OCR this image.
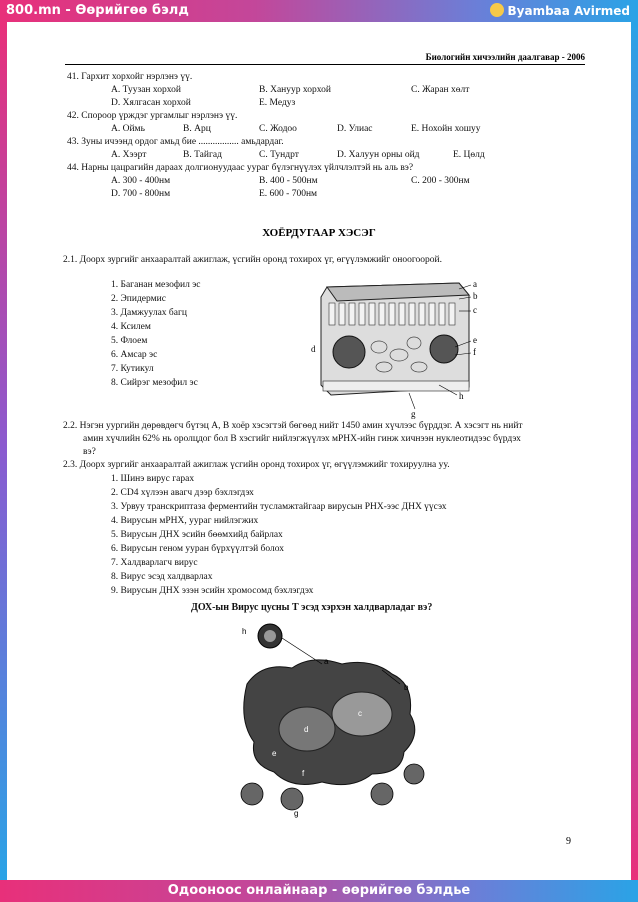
800.mn - Өөрийгөө бэлд	Byambaa Avirmed
Биологийн хичээлийн даалгавар - 2006
41. Гархит хорхойг нэрлэнэ үү.
А. Туузан хорхой	В. Хануур хорхой	С. Жаран хөлт
D. Хялгасан хорхой	Е. Медуз
42. Спороор үрждэг ургамлыг нэрлэнэ үү.
А. Оймь	В. Арц	С. Жодоо	D. Улиас	Е. Нохойн хошуу
43. Зуны ичээнд ордог амьд бие ................. амьдардаг.
А. Хээрт	В. Тайгад	С. Тундрт	D. Халуун орны ойд	Е. Цөлд
44. Нарны цацрагийн дараах долгионуудаас уураг бүлэгнүүлэх үйлчлэлтэй нь аль вэ?
А. 300 - 400нм	В. 400 - 500нм	С. 200 - 300нм
D. 700 - 800нм	Е. 600 - 700нм
ХОЁРДУГААР ХЭСЭГ
2.1. Доорх зургийг анхааралтай ажиглаж, үсгийн оронд тохирох үг, өгүүлэмжийг оноогоорой.
1. Баганан мезофил эс
2. Эпидермис
3. Дамжуулах багц
4. Ксилем
5. Флоем
6. Амсар эс
7. Кутикул
8. Сийрэг мезофил эс
a
b
c
d
e
f
h
g
2.2. Нэгэн уургийн дөрөвдөгч бүтэц А, В хоёр хэсэгтэй бөгөөд нийт 1450 амин хүчлээс бүрддэг. А хэсэгт нь нийт
амин хүчлийн 62% нь оролцдог бол В хэсгийг нийлэгжүүлэх мРНХ-ийн гинж хичнээн нуклеотидээс бүрдэх
вэ?
2.3. Доорх зургийг анхааралтай ажиглаж үсгийн оронд тохирох үг, өгүүлэмжийг тохируулна уу.
1. Шинэ вирус гарах
2. CD4 хүлээн авагч дээр бэхлэгдэх
3. Урвуу транскриптаза ферментийн тусламжтайгаар вирусын РНХ-ээс ДНХ үүсэх
4. Вирусын мРНХ, уураг нийлэгжих
5. Вирусын ДНХ эсийн бөөмхийд байрлах
6. Вирусын геном ууран бүрхүүлтэй болох
7. Халдварлагч вирус
8. Вирус эсэд халдварлах
9. Вирусын ДНХ эзэн эсийн хромосомд бэхлэгдэх
ДОХ-ын Вирус цусны Т эсэд хэрхэн халдварладаг вэ?
h
a
b
c
d
e
f
g
9
Одооноос онлайнаар - өөрийгөө бэлдье
